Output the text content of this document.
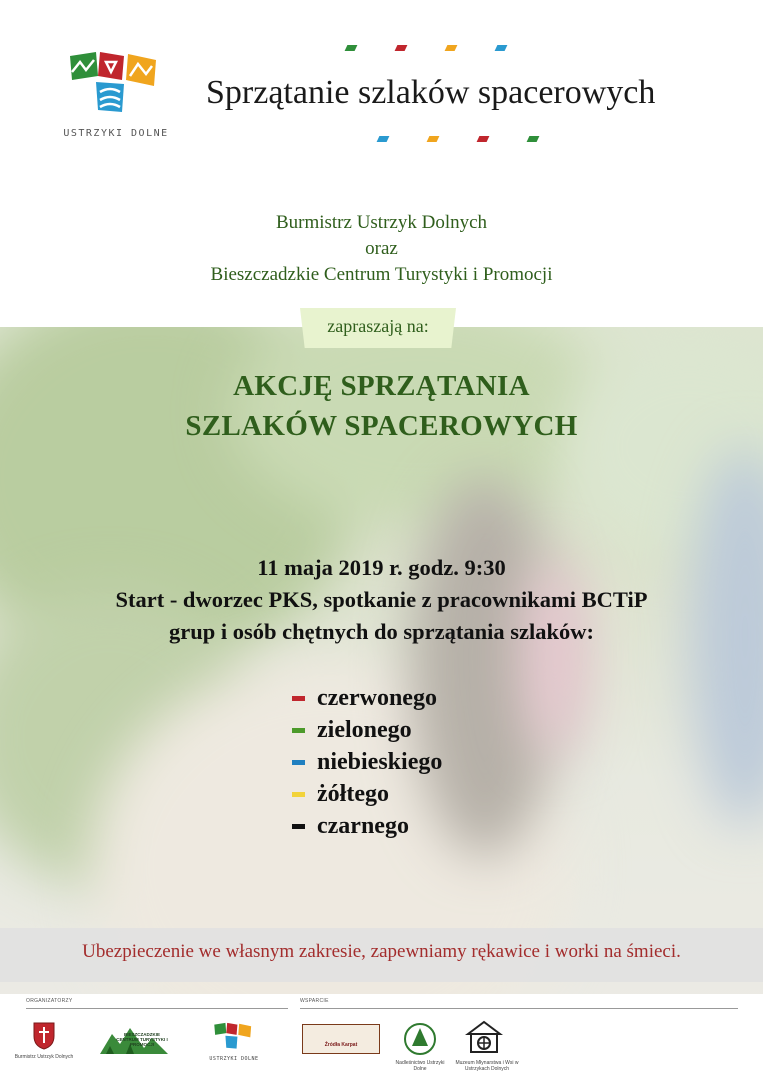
USTRZYKI DOLNE
Sprzątanie szlaków spacerowych
Burmistrz Ustrzyk Dolnych
oraz
Bieszczadzkie Centrum Turystyki i Promocji
zapraszają na:
AKCJĘ SPRZĄTANIA
SZLAKÓW SPACEROWYCH
11 maja 2019 r. godz. 9:30
Start - dworzec PKS, spotkanie z pracownikami BCTiP
grup i osób chętnych do sprzątania szlaków:
czerwonego
zielonego
niebieskiego
żółtego
czarnego
Ubezpieczenie we własnym zakresie, zapewniamy rękawice i worki na śmieci.
ORGANIZATORZY	WSPARCIE
Burmistrz Ustrzyk Dolnych
BIESZCZADZKIE CENTRUM TURYSTYKI I PROMOCJI
USTRZYKI DOLNE
Źródła Karpat
Nadleśnictwo Ustrzyki Dolne
Muzeum Młynarstwa i Wsi w Ustrzykach Dolnych
